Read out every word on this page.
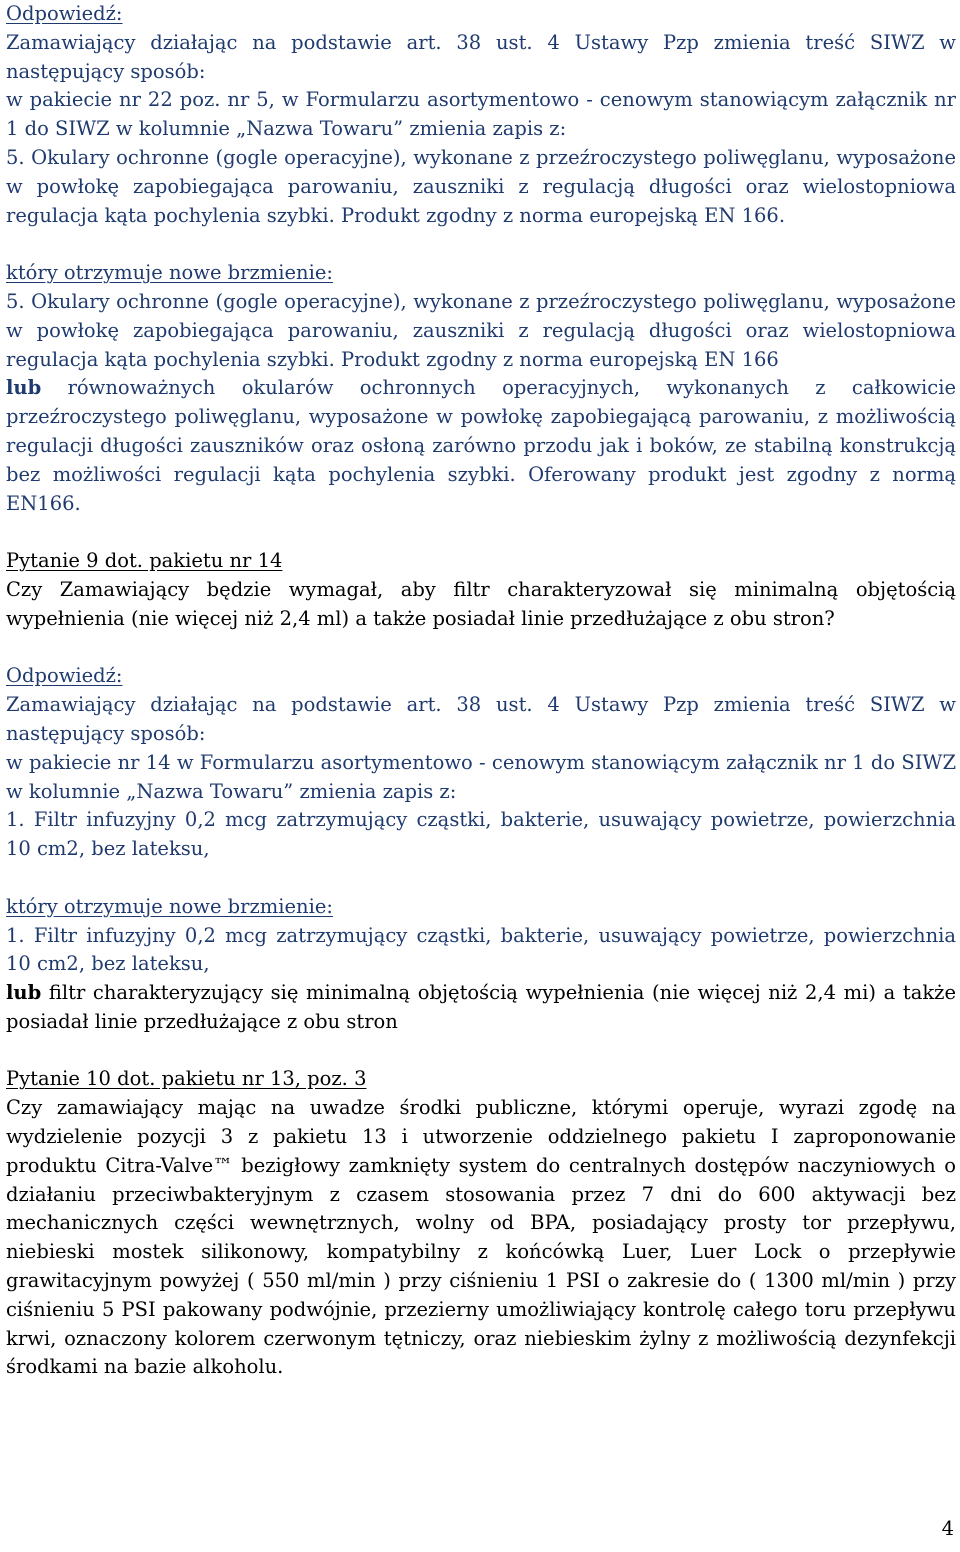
Odpowiedź:

Zamawiający działając na podstawie art. 38 ust. 4 Ustawy Pzp zmienia treść SIWZ w następujący sposób:

w pakiecie nr 22 poz. nr 5, w Formularzu asortymentowo - cenowym stanowiącym załącznik nr 1 do SIWZ w kolumnie „Nazwa Towaru” zmienia zapis z:

5. Okulary ochronne (gogle operacyjne), wykonane z przeźroczystego poliwęglanu, wyposażone w powłokę zapobiegająca parowaniu, zauszniki z regulacją długości oraz wielostopniowa regulacja kąta pochylenia szybki. Produkt zgodny z norma europejską EN 166.

który otrzymuje nowe brzmienie:

5. Okulary ochronne (gogle operacyjne), wykonane z przeźroczystego poliwęglanu, wyposażone w powłokę zapobiegająca parowaniu, zauszniki z regulacją długości oraz wielostopniowa regulacja kąta pochylenia szybki. Produkt zgodny z norma europejską EN 166

lub równoważnych okularów ochronnych operacyjnych, wykonanych z całkowicie przeźroczystego poliwęglanu, wyposażone w powłokę zapobiegającą parowaniu, z możliwością regulacji długości zauszników oraz osłoną zarówno przodu jak i boków, ze stabilną konstrukcją bez możliwości regulacji kąta pochylenia szybki. Oferowany produkt jest zgodny z normą EN166.

Pytanie 9 dot. pakietu nr 14

Czy Zamawiający będzie wymagał, aby filtr charakteryzował się minimalną objętością wypełnienia (nie więcej niż 2,4 ml) a także posiadał linie przedłużające z obu stron?

Odpowiedź:

Zamawiający działając na podstawie art. 38 ust. 4 Ustawy Pzp zmienia treść SIWZ w następujący sposób:

w pakiecie nr 14 w Formularzu asortymentowo - cenowym stanowiącym załącznik nr 1 do SIWZ w kolumnie „Nazwa Towaru” zmienia zapis z:

1. Filtr infuzyjny 0,2 mcg zatrzymujący cząstki, bakterie, usuwający powietrze, powierzchnia 10 cm2, bez lateksu,

który otrzymuje nowe brzmienie:

1. Filtr infuzyjny 0,2 mcg zatrzymujący cząstki, bakterie, usuwający powietrze, powierzchnia 10 cm2, bez lateksu,

lub filtr charakteryzujący się minimalną objętością wypełnienia (nie więcej niż 2,4 mi) a także posiadał linie przedłużające z obu stron

Pytanie 10 dot. pakietu nr 13, poz. 3

Czy zamawiający mając na uwadze środki publiczne, którymi operuje, wyrazi zgodę na wydzielenie pozycji 3 z pakietu 13 i utworzenie oddzielnego pakietu I zaproponowanie produktu Citra-Valve™ bezigłowy zamknięty system do centralnych dostępów naczyniowych o działaniu przeciwbakteryjnym z czasem stosowania przez 7 dni do 600 aktywacji bez mechanicznych części wewnętrznych, wolny od BPA, posiadający prosty tor przepływu, niebieski mostek silikonowy, kompatybilny z końcówką Luer, Luer Lock o przepływie grawitacyjnym powyżej ( 550 ml/min ) przy ciśnieniu 1 PSI o zakresie do ( 1300 ml/min ) przy ciśnieniu 5 PSI pakowany podwójnie, przezierny umożliwiający kontrolę całego toru przepływu krwi, oznaczony kolorem czerwonym tętniczy, oraz niebieskim żylny z możliwością dezynfekcji środkami na bazie alkoholu.

4
